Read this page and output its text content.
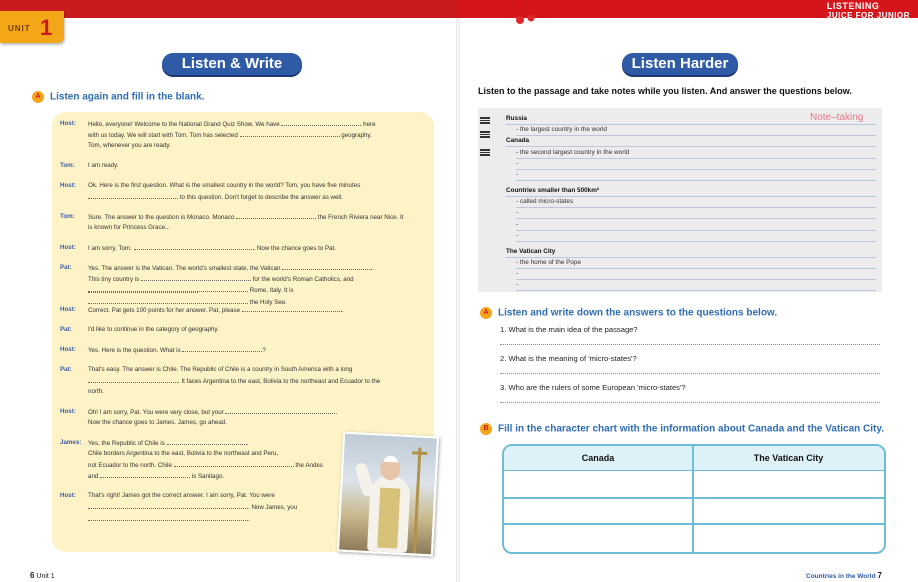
LISTENING
JUICE FOR JUNIOR
UNIT 1
Listen & Write
A Listen again and fill in the blank.
Host:	Hello, everyone! Welcome to the National Grand Quiz Show. We have	here
with us today. We will start with Tom. Tom has selected	geography.
Tom, whenever you are ready.
Tom:	I am ready.
Host:	Ok. Here is the first question. What is the smallest country in the world? Tom, you have five minutes
to this question. Don't forget to describe the answer as well.
Tom:	Sure. The answer to the question is Monaco. Monaco	the French Riviera near Nice. It
is known for Princess Grace...
Host:	I am sorry, Tom.	. Now the chance goes to Pat.
Pat:	Yes. The answer is the Vatican. The world's smallest state, the Vatican	.
This tiny country is	for the world's Roman Catholics, and
Rome, Italy. It is  the Holy See.
Host:	Correct. Pat gets 100 points for her answer. Pat, please	.
Pat:	I'd like to continue in the category of geography.
Host:	Yes. Here is the question. What is	?
Pat:	That's easy. The answer is Chile. The Republic of Chile is a country in South America with a long
. It faces Argentina to the east, Bolivia to the northeast and Ecuador to the
north.
Host:	Oh! I am sorry, Pat. You were very close, but your	.
Now the chance goes to James. James, go ahead.
James:	Yes, the Republic of Chile is	.
Chile borders Argentina to the east, Bolivia to the northeast and Peru,
not Ecuador to the north. Chile	the Andes
and	is Santiago.
Host:	That's right! James got the correct answer. I am sorry, Pat. You were
. Now James, you .
6 Unit 1
Listen Harder
Listen to the passage and take notes while you listen. And answer the questions below.
Note–taking
Russia
- the largest country in the world
Canada
- the second largest country in the world
-
-
Countries smaller than 500km²
- called micro-states
-
-
-
The Vatican City
- the home of the Pope
-
-
A Listen and write down the answers to the questions below.
1. What is the main idea of the passage?
2. What is the meaning of 'micro-states'?
3. Who are the rulers of some European 'micro-states'?
B Fill in the character chart with the information about Canada and the Vatican City.
Canada	The Vatican City
Countries in the World 7
